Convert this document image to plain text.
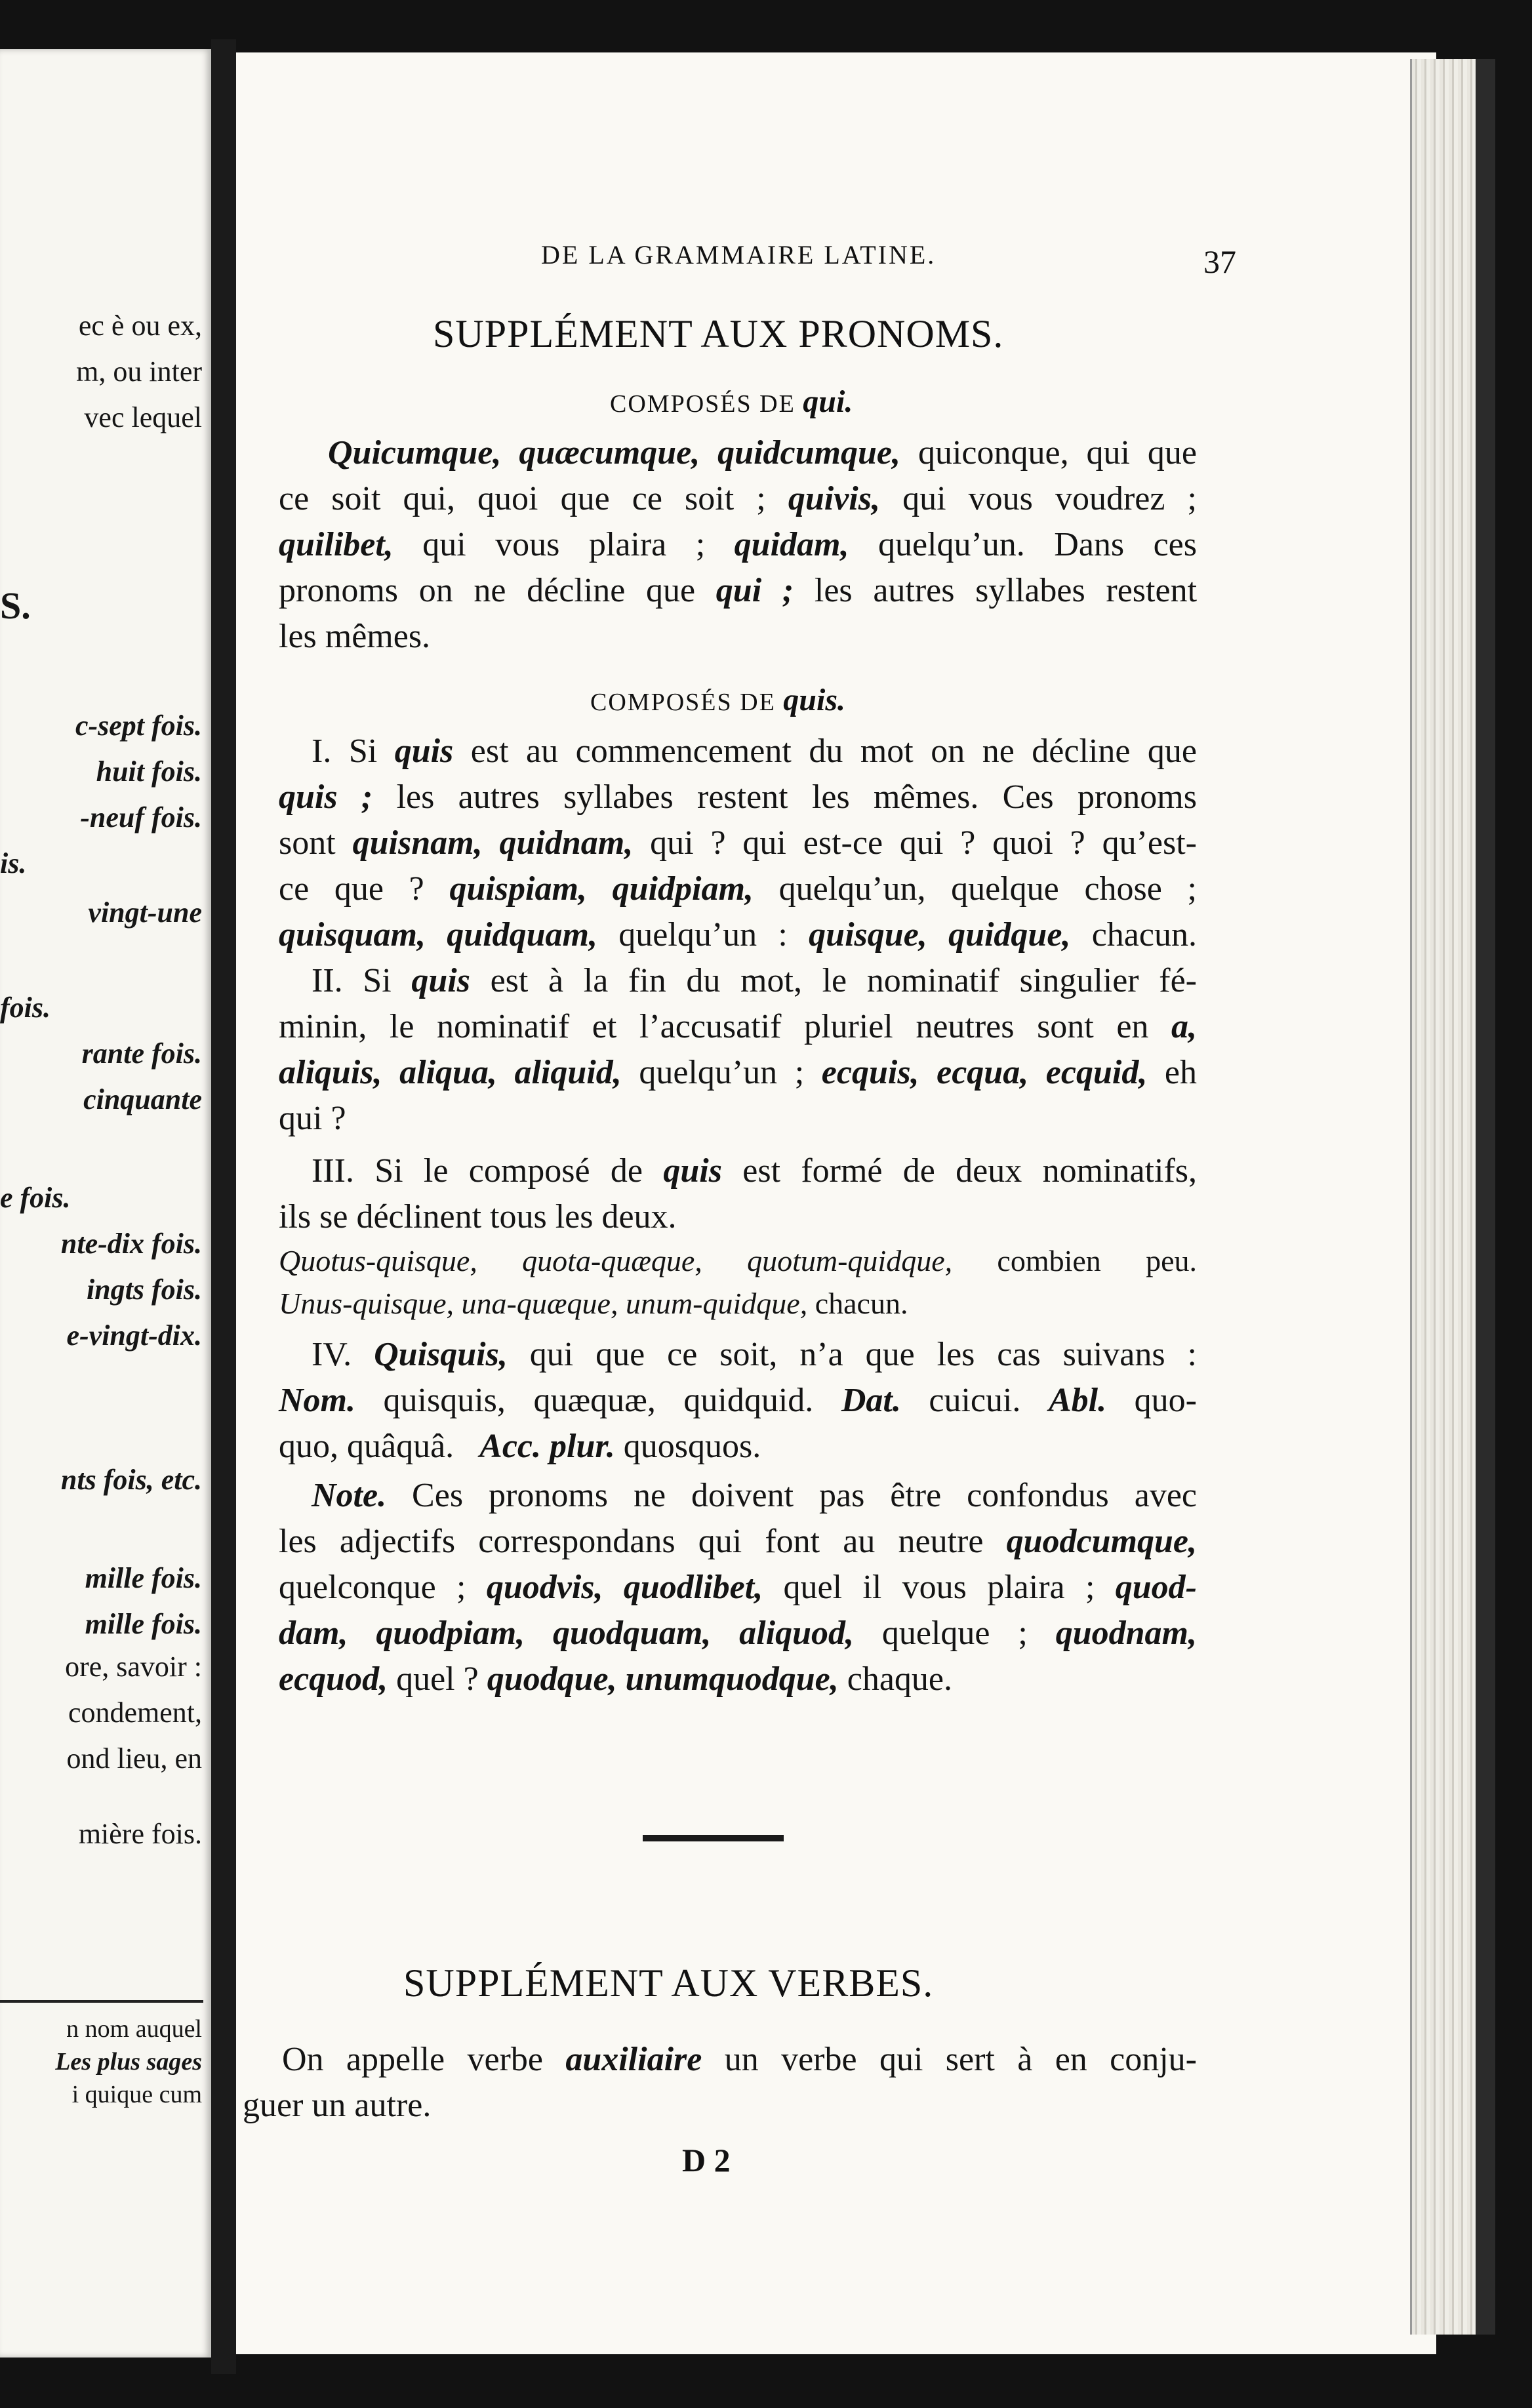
ec è ou ex,
m, ou inter
vec lequel
S.
c-sept fois.
huit fois.
-neuf fois.
is.
vingt-une
fois.
rante fois.
cinquante
e fois.
nte-dix fois.
ingts fois.
e-vingt-dix.
nts fois, etc.
mille fois.
mille fois.
ore, savoir :
condement,
ond lieu, en
mière fois.
n nom auquel
Les plus sages
i quique cum
DE LA GRAMMAIRE LATINE.	37
SUPPLÉMENT AUX PRONOMS.
COMPOSÉS DE qui.
Quicumque, quæcumque, quidcumque, quiconque, qui que
ce soit qui, quoi que ce soit ; quivis, qui vous voudrez ;
quilibet, qui vous plaira ; quidam, quelqu’un. Dans ces
pronoms on ne décline que qui ; les autres syllabes restent
les mêmes.
COMPOSÉS DE quis.
I. Si quis est au commencement du mot on ne décline que
quis ; les autres syllabes restent les mêmes. Ces pronoms
sont quisnam, quidnam, qui ? qui est-ce qui ? quoi ? qu’est-
ce que ? quispiam, quidpiam, quelqu’un, quelque chose ;
quisquam, quidquam, quelqu’un : quisque, quidque, chacun.
II. Si quis est à la fin du mot, le nominatif singulier fé-
minin, le nominatif et l’accusatif pluriel neutres sont en a,
aliquis, aliqua, aliquid, quelqu’un ; ecquis, ecqua, ecquid, eh
qui ?
III. Si le composé de quis est formé de deux nominatifs,
ils se déclinent tous les deux.
Quotus-quisque, quota-quæque, quotum-quidque, combien peu.
Unus-quisque, una-quæque, unum-quidque, chacun.
IV. Quisquis, qui que ce soit, n’a que les cas suivans :
Nom. quisquis, quæquæ, quidquid. Dat. cuicui. Abl. quo-
quo, quâquâ.   Acc. plur. quosquos.
Note. Ces pronoms ne doivent pas être confondus avec
les adjectifs correspondans qui font au neutre quodcumque,
quelconque ; quodvis, quodlibet, quel il vous plaira ; quod-
dam, quodpiam, quodquam, aliquod, quelque ; quodnam,
ecquod, quel ? quodque, unumquodque, chaque.
SUPPLÉMENT AUX VERBES.
On appelle verbe auxiliaire un verbe qui sert à en conju-
guer un autre.
D 2
